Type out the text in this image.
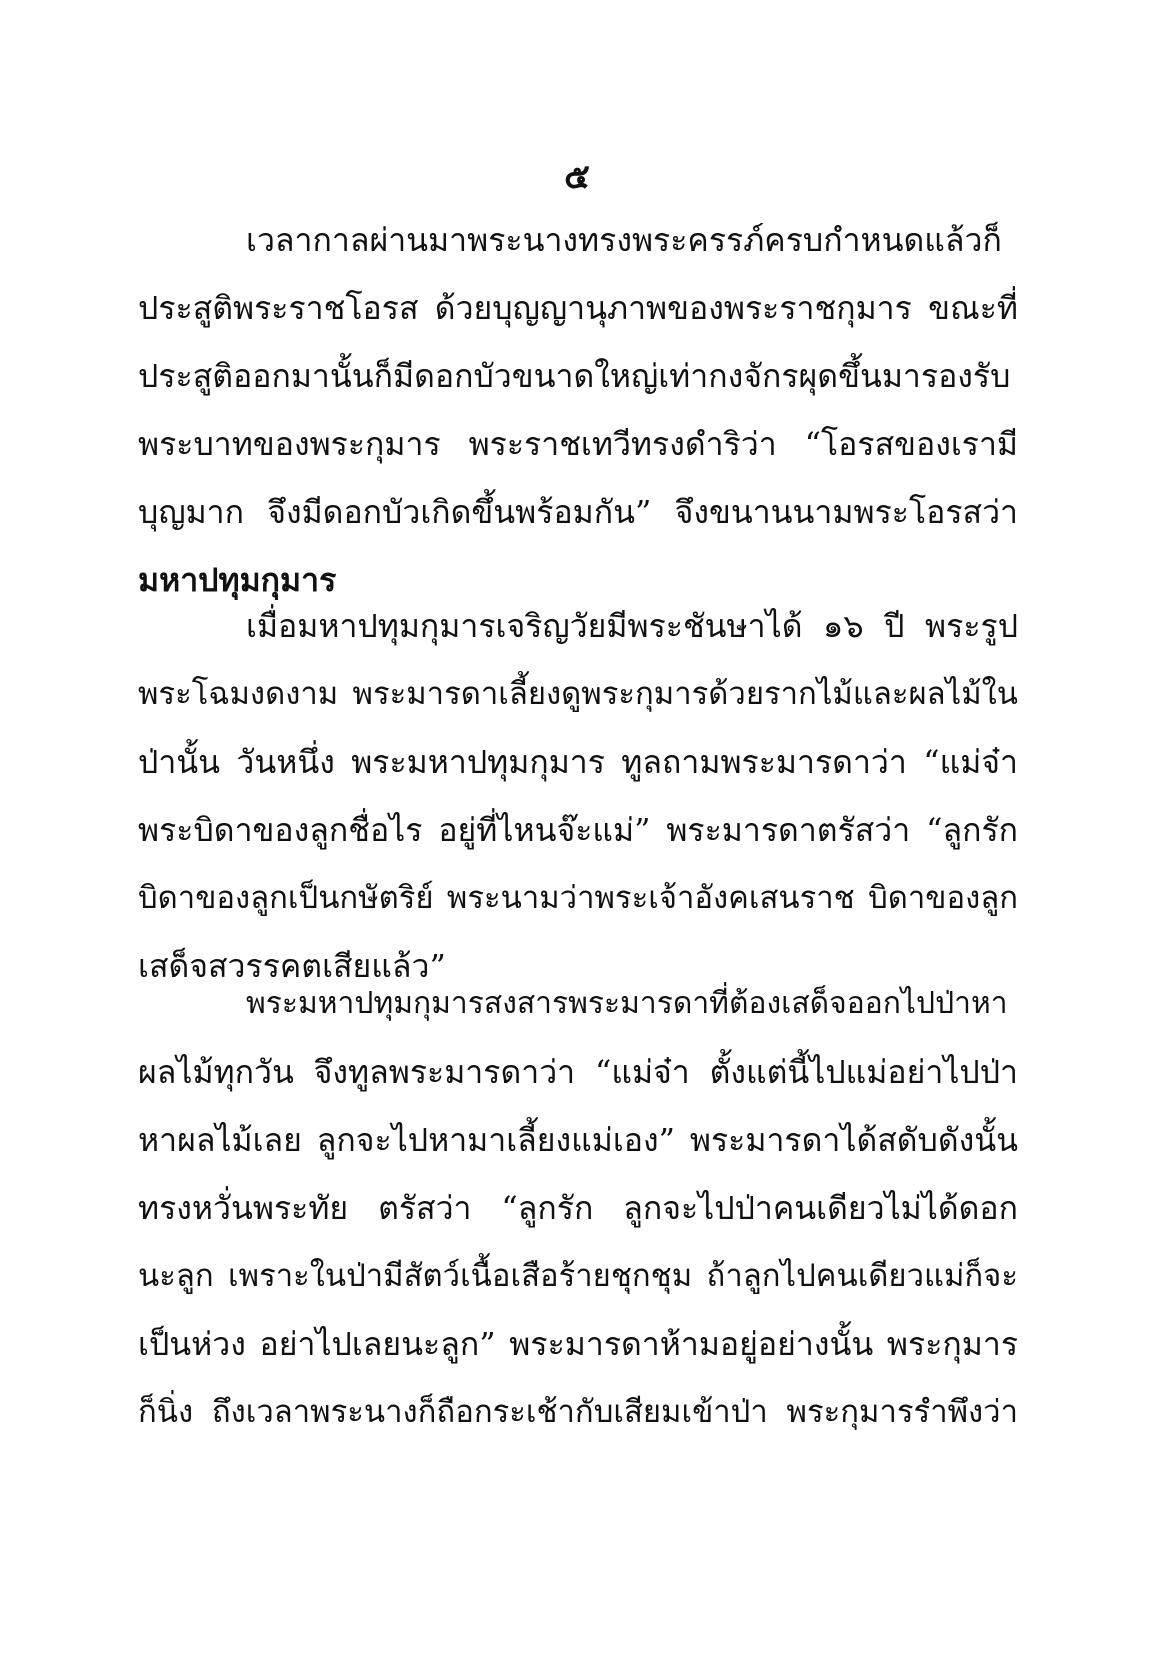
๕
เวลากาลผ่านมาพระนางทรงพระครรภ์ครบกำหนดแล้วก็
ประสูติพระราชโอรส ด้วยบุญญานุภาพของพระราชกุมาร ขณะที่
ประสูติออกมานั้นก็มีดอกบัวขนาดใหญ่เท่ากงจักรผุดขึ้นมารองรับ
พระบาทของพระกุมาร พระราชเทวีทรงดำริว่า “โอรสของเรามี
บุญมาก จึงมีดอกบัวเกิดขึ้นพร้อมกัน” จึงขนานนามพระโอรสว่า
มหาปทุมกุมาร
เมื่อมหาปทุมกุมารเจริญวัยมีพระชันษาได้ ๑๖ ปี พระรูป
พระโฉมงดงาม พระมารดาเลี้ยงดูพระกุมารด้วยรากไม้และผลไม้ใน
ป่านั้น วันหนึ่ง พระมหาปทุมกุมาร ทูลถามพระมารดาว่า “แม่จ๋า
พระบิดาของลูกชื่อไร อยู่ที่ไหนจ๊ะแม่” พระมารดาตรัสว่า “ลูกรัก
บิดาของลูกเป็นกษัตริย์ พระนามว่าพระเจ้าอังคเสนราช บิดาของลูก
เสด็จสวรรคตเสียแล้ว”
พระมหาปทุมกุมารสงสารพระมารดาที่ต้องเสด็จออกไปป่าหา
ผลไม้ทุกวัน จึงทูลพระมารดาว่า “แม่จ๋า ตั้งแต่นี้ไปแม่อย่าไปป่า
หาผลไม้เลย ลูกจะไปหามาเลี้ยงแม่เอง” พระมารดาได้สดับดังนั้น
ทรงหวั่นพระทัย ตรัสว่า “ลูกรัก ลูกจะไปป่าคนเดียวไม่ได้ดอก
นะลูก เพราะในป่ามีสัตว์เนื้อเสือร้ายชุกชุม ถ้าลูกไปคนเดียวแม่ก็จะ
เป็นห่วง อย่าไปเลยนะลูก” พระมารดาห้ามอยู่อย่างนั้น พระกุมาร
ก็นิ่ง ถึงเวลาพระนางก็ถือกระเช้ากับเสียมเข้าป่า พระกุมารรำพึงว่า
